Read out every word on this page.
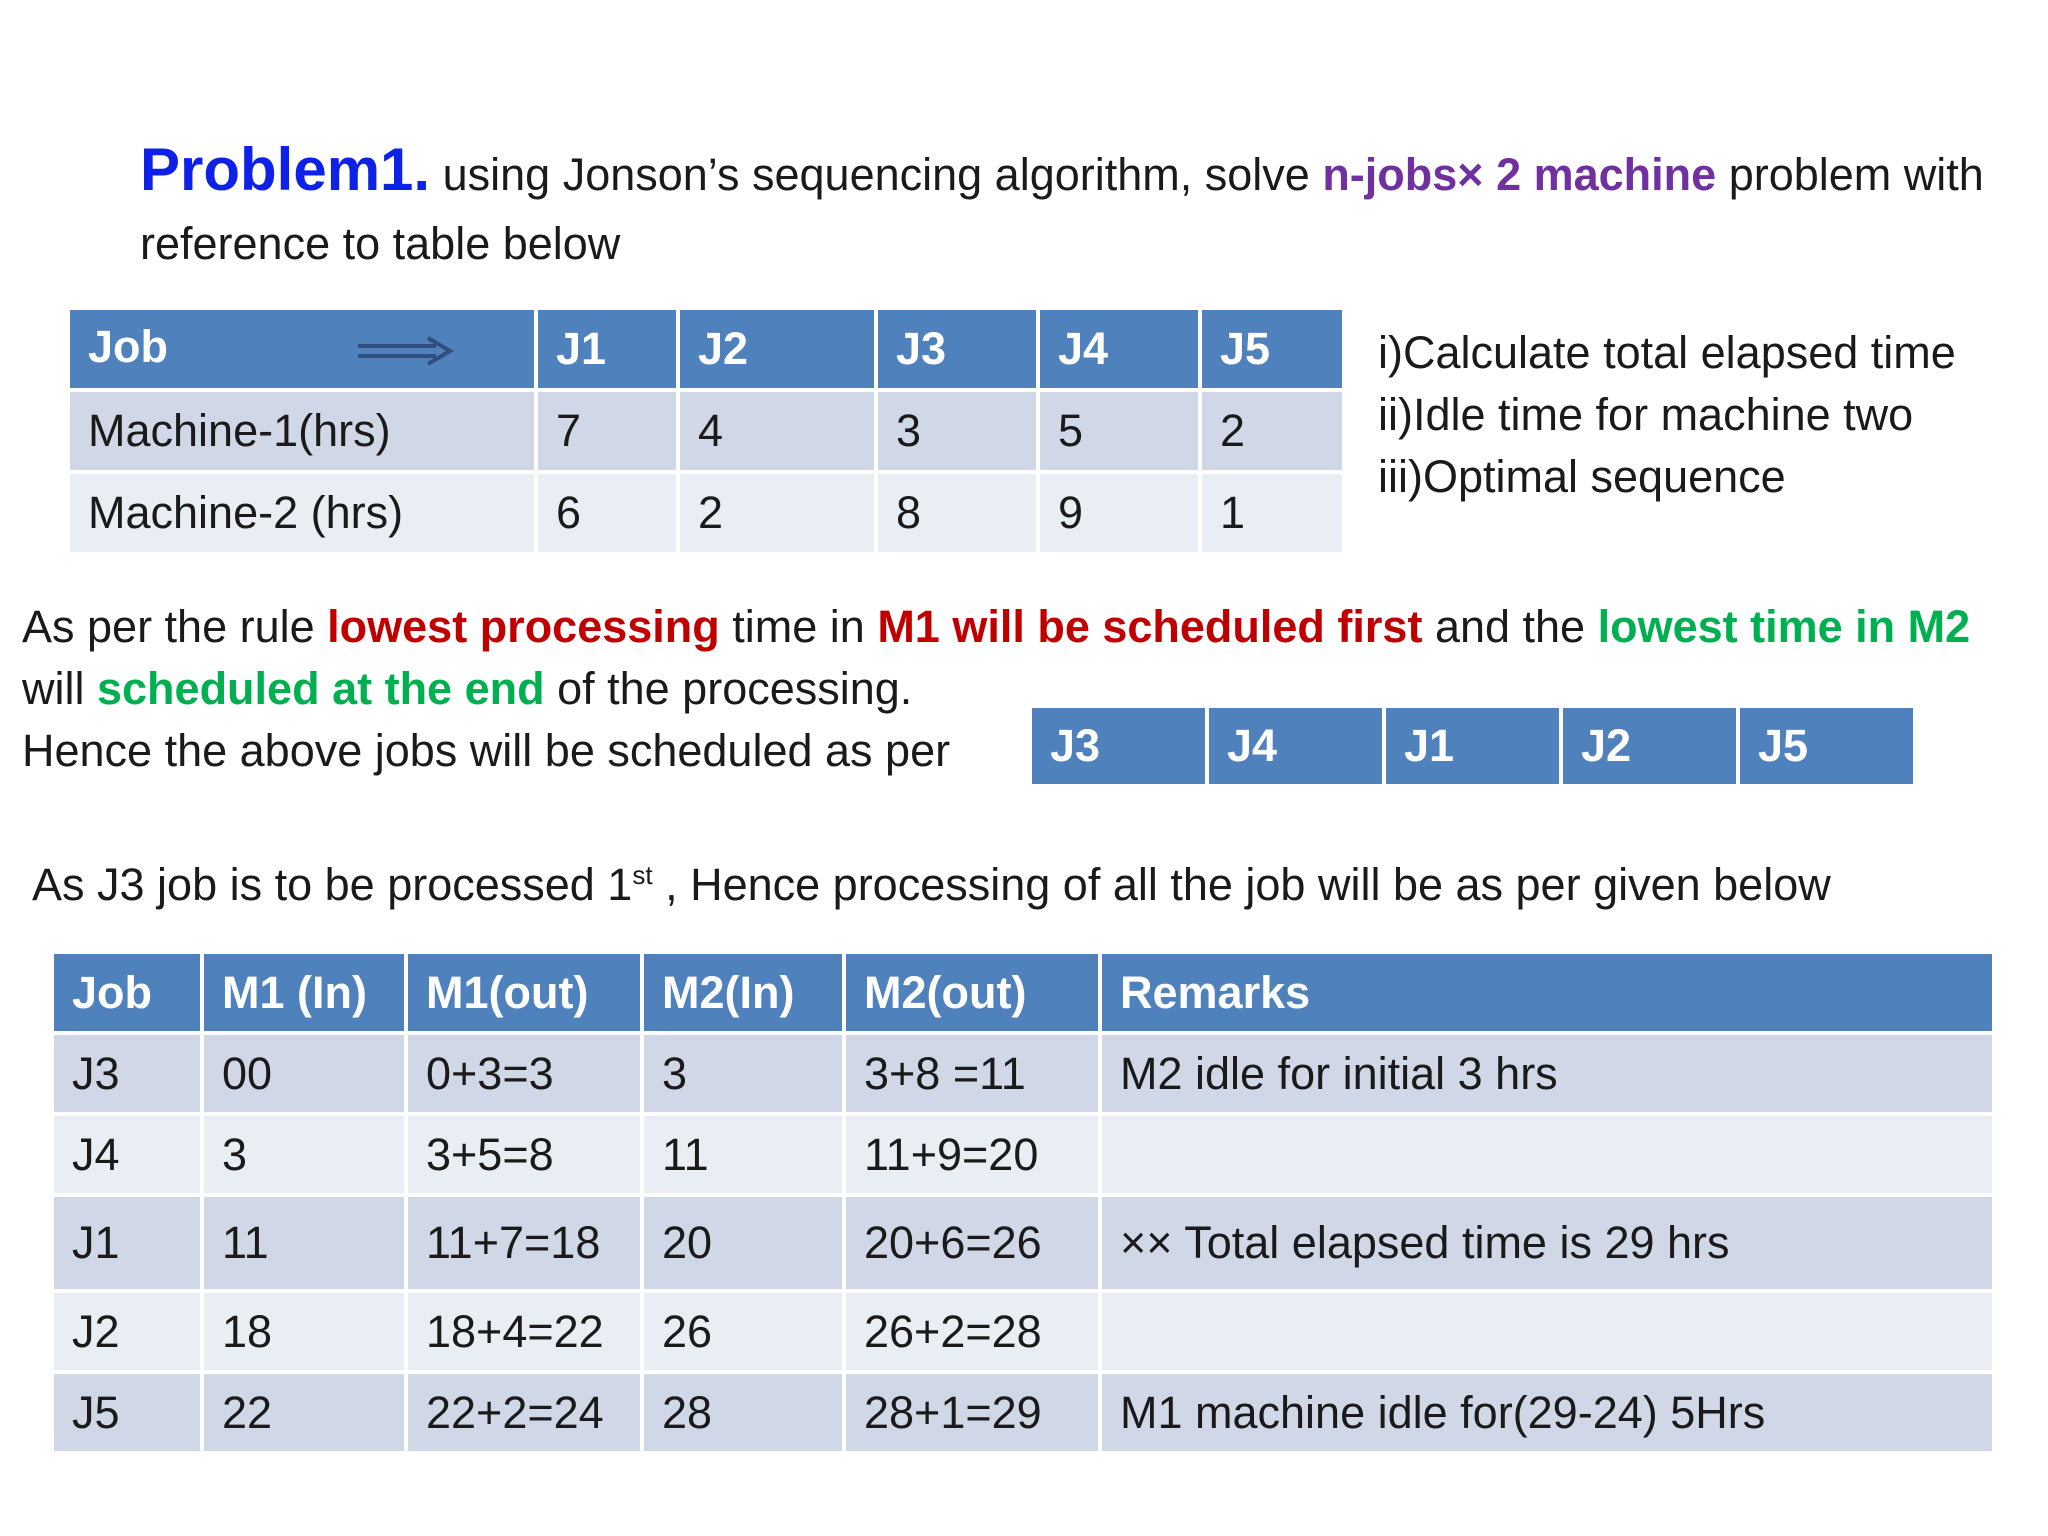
Problem1. using Jonson’s sequencing algorithm, solve n-jobs× 2 machine problem with
reference to table below
Job	J1	J2	J3	J4	J5
Machine-1(hrs)	7	4	3	5	2
Machine-2 (hrs)	6	2	8	9	1
i)Calculate total elapsed time
ii)Idle time for machine two
iii)Optimal sequence
As per the rule lowest processing time in M1 will be scheduled first and the lowest time in M2
will scheduled at the end of the processing.
Hence the above jobs will be scheduled as per J3	J4	J1	J2	J5
As J3 job is to be processed 1st , Hence processing of all the job will be as per given below
Job	M1 (In)	M1(out)	M2(In)	M2(out)	Remarks
J3	00	0+3=3	3	3+8 =11	M2 idle for initial 3 hrs
J4	3	3+5=8	11	11+9=20	
J1	11	11+7=18	20	20+6=26	×× Total elapsed time is 29 hrs
J2	18	18+4=22	26	26+2=28	
J5	22	22+2=24	28	28+1=29	M1 machine idle for(29-24) 5Hrs
